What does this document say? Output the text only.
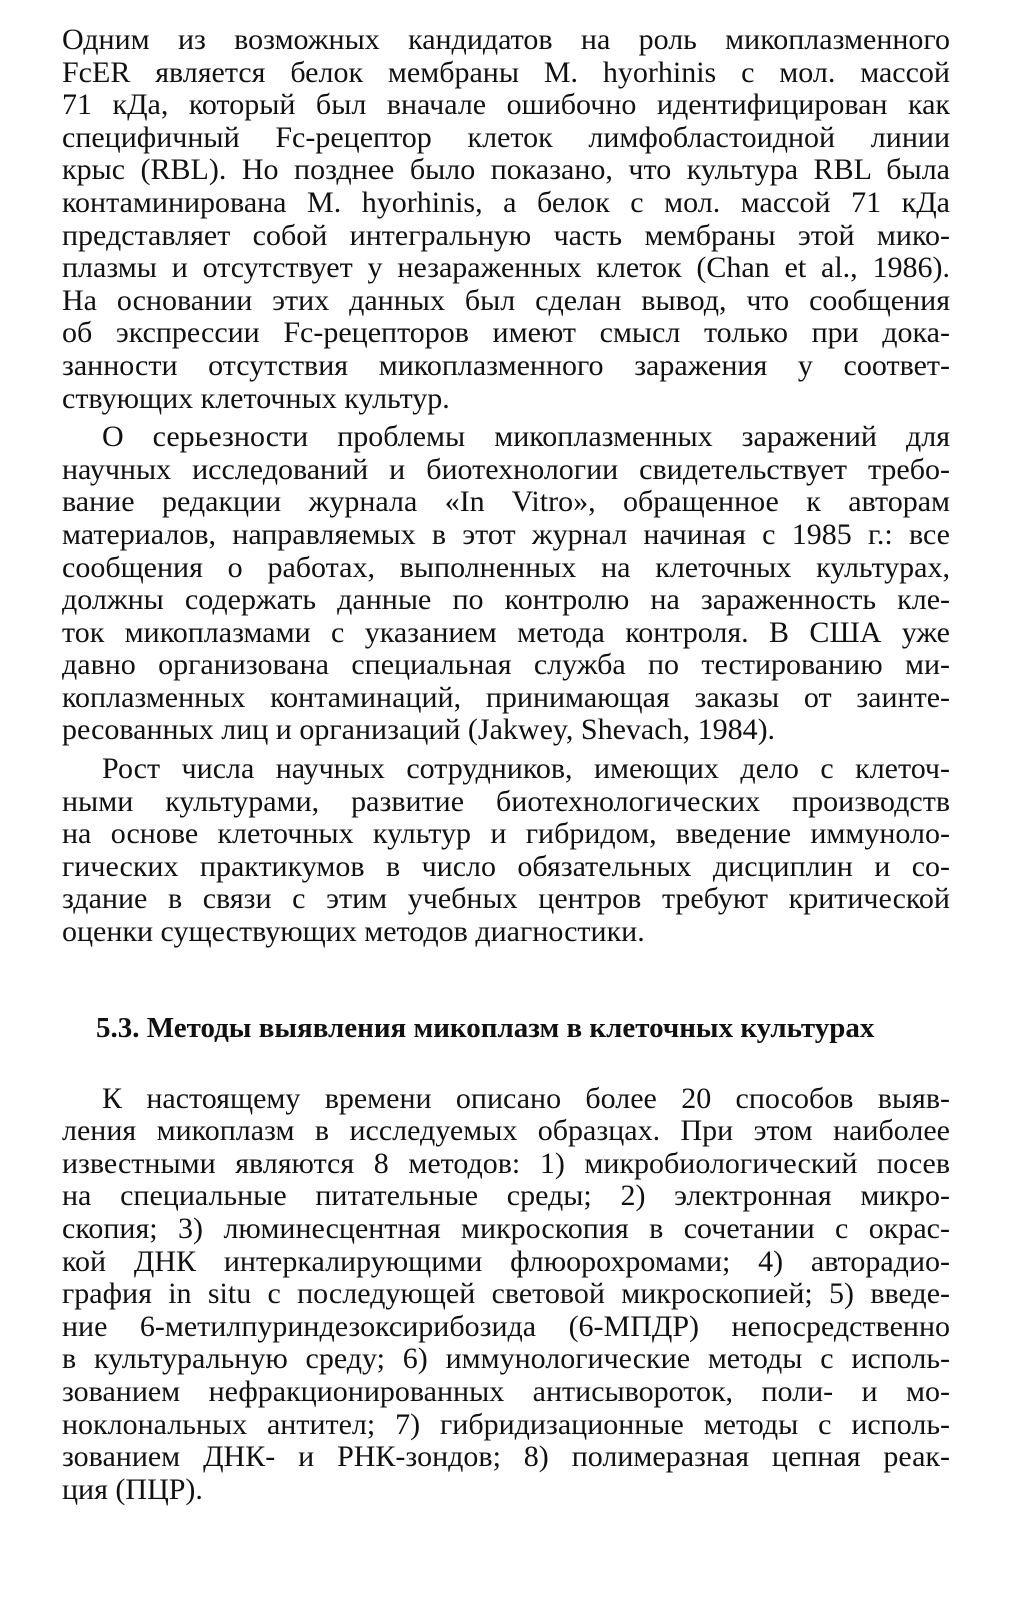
Одним из возможных кандидатов на роль микоплазменного
FcER является белок мембраны M. hyorhinis с мол. массой
71 кДа, который был вначале ошибочно идентифицирован как
специфичный Fc-рецептор клеток лимфобластоидной линии
крыс (RBL). Но позднее было показано, что культура RBL была
контаминирована M. hyorhinis, а белок с мол. массой 71 кДа
представляет собой интегральную часть мембраны этой мико-
плазмы и отсутствует у незараженных клеток (Chan et al., 1986).
На основании этих данных был сделан вывод, что сообщения
об экспрессии Fc-рецепторов имеют смысл только при дока-
занности отсутствия микоплазменного заражения у соответ-
ствующих клеточных культур.
О серьезности проблемы микоплазменных заражений для
научных исследований и биотехнологии свидетельствует требо-
вание редакции журнала «In Vitro», обращенное к авторам
материалов, направляемых в этот журнал начиная с 1985 г.: все
сообщения о работах, выполненных на клеточных культурах,
должны содержать данные по контролю на зараженность кле-
ток микоплазмами с указанием метода контроля. В США уже
давно организована специальная служба по тестированию ми-
коплазменных контаминаций, принимающая заказы от заинте-
ресованных лиц и организаций (Jakwey, Shevach, 1984).
Рост числа научных сотрудников, имеющих дело с клеточ-
ными культурами, развитие биотехнологических производств
на основе клеточных культур и гибридом, введение иммуноло-
гических практикумов в число обязательных дисциплин и со-
здание в связи с этим учебных центров требуют критической
оценки существующих методов диагностики.
5.3. Методы выявления микоплазм в клеточных культурах
К настоящему времени описано более 20 способов выяв-
ления микоплазм в исследуемых образцах. При этом наиболее
известными являются 8 методов: 1) микробиологический посев
на специальные питательные среды; 2) электронная микро-
скопия; 3) люминесцентная микроскопия в сочетании с окрас-
кой ДНК интеркалирующими флюорохромами; 4) авторадио-
графия in situ с последующей световой микроскопией; 5) введе-
ние 6-метилпуриндезоксирибозида (6-МПДР) непосредственно
в культуральную среду; 6) иммунологические методы с исполь-
зованием нефракционированных антисывороток, поли- и мо-
ноклональных антител; 7) гибридизационные методы с исполь-
зованием ДНК- и РНК-зондов; 8) полимеразная цепная реак-
ция (ПЦР).
